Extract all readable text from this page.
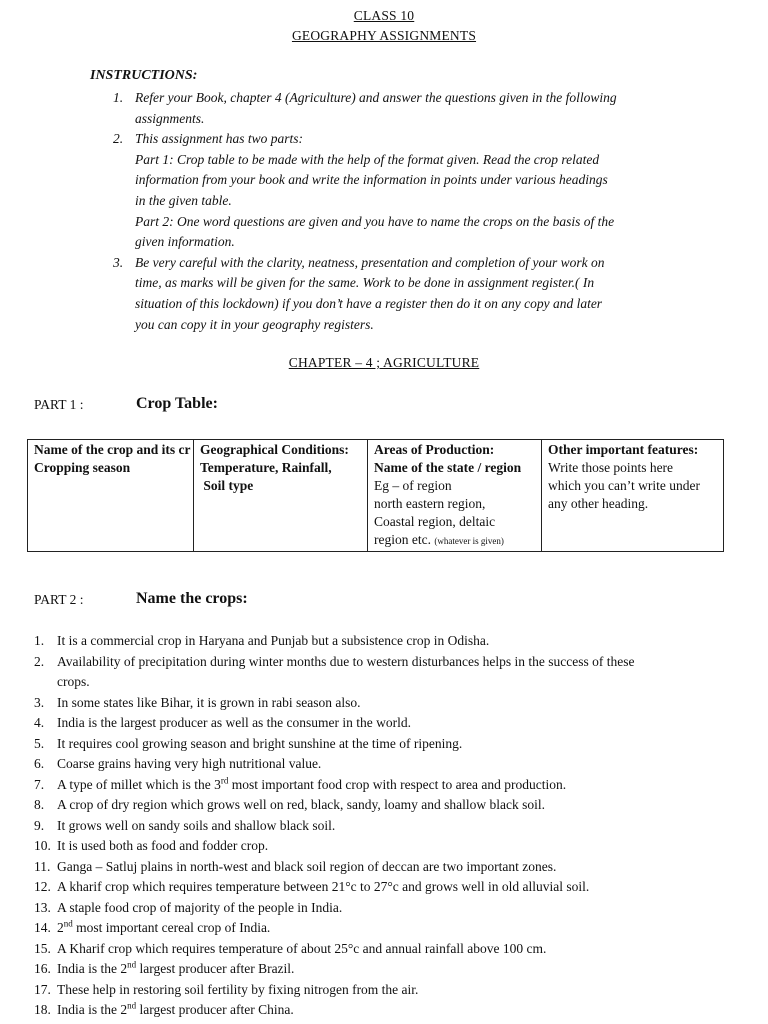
CLASS 10
GEOGRAPHY ASSIGNMENTS
INSTRUCTIONS:
1. Refer your Book, chapter 4 (Agriculture) and answer the questions given in the following
assignments.
2. This assignment has two parts:
Part 1: Crop table to be made with the help of the format given. Read the crop related
information from your book and write the information in points under various headings
in the given table.
Part 2: One word questions are given and you have to name the crops on the basis of the
given information.
3. Be very careful with the clarity, neatness, presentation and completion of your work on
time, as marks will be given for the same. Work to be done in assignment register.( In
situation of this lockdown) if you don’t have a register then do it on any copy and later
you can copy it in your geography registers.
CHAPTER – 4 ; AGRICULTURE
PART 1 :	Crop Table:
Name of the crop and its cr
Cropping season

Geographical Conditions:
Temperature, Rainfall,
Soil type

Areas of Production:
Name of the state / region
Eg – of region
north eastern region,
Coastal region, deltaic
region etc. (whatever is given)

Other important features:
Write those points here
which you can’t write under
any other heading.
PART 2 :	Name the crops:
1. It is a commercial crop in Haryana and Punjab but a subsistence crop in Odisha.
2. Availability of precipitation during winter months due to western disturbances helps in the success of these
crops.
3. In some states like Bihar, it is grown in rabi season also.
4. India is the largest producer as well as the consumer in the world.
5. It requires cool growing season and bright sunshine at the time of ripening.
6. Coarse grains having very high nutritional value.
7. A type of millet which is the 3rd most important food crop with respect to area and production.
8. A crop of dry region which grows well on red, black, sandy, loamy and shallow black soil.
9. It grows well on sandy soils and shallow black soil.
10. It is used both as food and fodder crop.
11. Ganga – Satluj plains in north-west and black soil region of deccan are two important zones.
12. A kharif crop which requires temperature between 21°c to 27°c and grows well in old alluvial soil.
13. A staple food crop of majority of the people in India.
14. 2nd most important cereal crop of India.
15. A Kharif crop which requires temperature of about 25°c and annual rainfall above 100 cm.
16. India is the 2nd largest producer after Brazil.
17. These help in restoring soil fertility by fixing nitrogen from the air.
18. India is the 2nd largest producer after China.
